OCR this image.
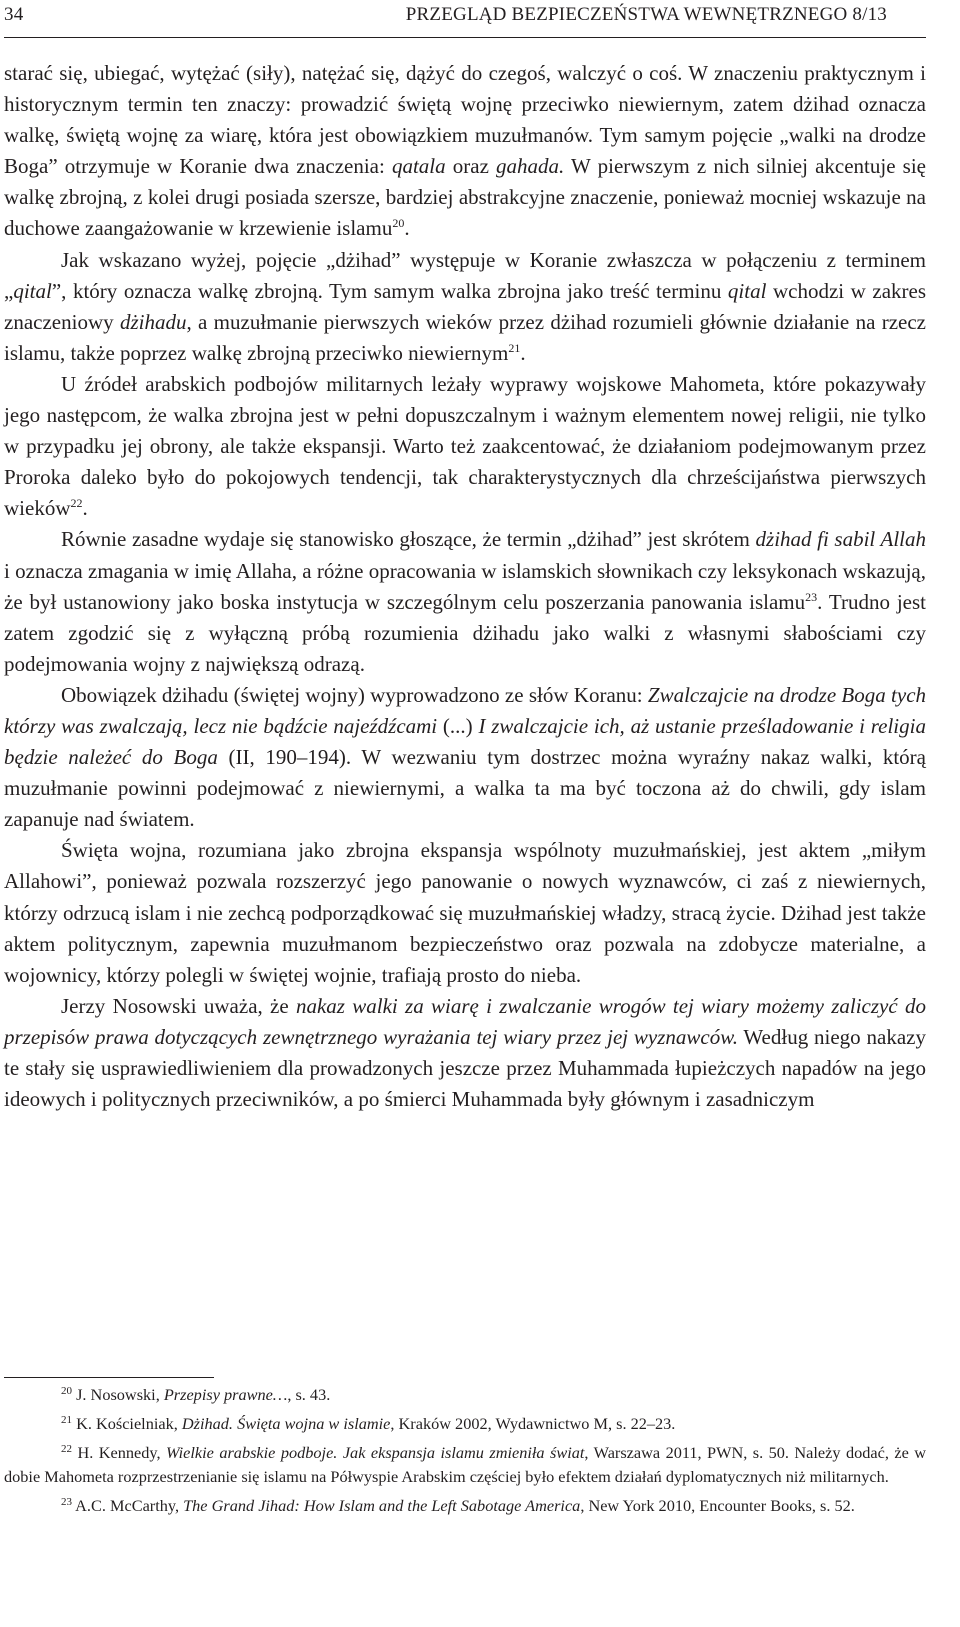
34	PRZEGLĄD BEZPIECZEŃSTWA WEWNĘTRZNEGO 8/13

starać się, ubiegać, wytężać (siły), natężać się, dążyć do czegoś, walczyć o coś. W znaczeniu praktycznym i historycznym termin ten znaczy: prowadzić świętą wojnę przeciwko niewiernym, zatem dżihad oznacza walkę, świętą wojnę za wiarę, która jest obowiązkiem muzułmanów. Tym samym pojęcie „walki na drodze Boga” otrzymuje w Koranie dwa znaczenia: qatala oraz gahada. W pierwszym z nich silniej akcentuje się walkę zbrojną, z kolei drugi posiada szersze, bardziej abstrakcyjne znaczenie, ponieważ mocniej wskazuje na duchowe zaangażowanie w krzewienie islamu$^{20}$.

Jak wskazano wyżej, pojęcie „dżihad” występuje w Koranie zwłaszcza w połączeniu z terminem „qital”, który oznacza walkę zbrojną. Tym samym walka zbrojna jako treść terminu qital wchodzi w zakres znaczeniowy dżihadu, a muzułmanie pierwszych wieków przez dżihad rozumieli głównie działanie na rzecz islamu, także poprzez walkę zbrojną przeciwko niewiernym$^{21}$.

U źródeł arabskich podbojów militarnych leżały wyprawy wojskowe Mahometa, które pokazywały jego następcom, że walka zbrojna jest w pełni dopuszczalnym i ważnym elementem nowej religii, nie tylko w przypadku jej obrony, ale także ekspansji. Warto też zaakcentować, że działaniom podejmowanym przez Proroka daleko było do pokojowych tendencji, tak charakterystycznych dla chrześcijaństwa pierwszych wieków$^{22}$.

Równie zasadne wydaje się stanowisko głoszące, że termin „dżihad” jest skrótem dżihad fi sabil Allah i oznacza zmagania w imię Allaha, a różne opracowania w islamskich słownikach czy leksykonach wskazują, że był ustanowiony jako boska instytucja w szczególnym celu poszerzania panowania islamu$^{23}$. Trudno jest zatem zgodzić się z wyłączną próbą rozumienia dżihadu jako walki z własnymi słabościami czy podejmowania wojny z największą odrazą.

Obowiązek dżihadu (świętej wojny) wyprowadzono ze słów Koranu: Zwalczajcie na drodze Boga tych którzy was zwalczają, lecz nie bądźcie najeźdźcami (...) I zwalczajcie ich, aż ustanie prześladowanie i religia będzie należeć do Boga (II, 190–194). W wezwaniu tym dostrzec można wyraźny nakaz walki, którą muzułmanie powinni podejmować z niewiernymi, a walka ta ma być toczona aż do chwili, gdy islam zapanuje nad światem.

Święta wojna, rozumiana jako zbrojna ekspansja wspólnoty muzułmańskiej, jest aktem „miłym Allahowi”, ponieważ pozwala rozszerzyć jego panowanie o nowych wyznawców, ci zaś z niewiernych, którzy odrzucą islam i nie zechcą podporządkować się muzułmańskiej władzy, stracą życie. Dżihad jest także aktem politycznym, zapewnia muzułmanom bezpieczeństwo oraz pozwala na zdobycze materialne, a wojownicy, którzy polegli w świętej wojnie, trafiają prosto do nieba.

Jerzy Nosowski uważa, że nakaz walki za wiarę i zwalczanie wrogów tej wiary możemy zaliczyć do przepisów prawa dotyczących zewnętrznego wyrażania tej wiary przez jej wyznawców. Według niego nakazy te stały się usprawiedliwieniem dla prowadzonych jeszcze przez Muhammada łupieżczych napadów na jego ideowych i politycznych przeciwników, a po śmierci Muhammada były głównym i zasadniczym

$^{20}$ J. Nosowski, Przepisy prawne…, s. 43.

$^{21}$ K. Kościelniak, Dżihad. Święta wojna w islamie, Kraków 2002, Wydawnictwo M, s. 22–23.

$^{22}$ H. Kennedy, Wielkie arabskie podboje. Jak ekspansja islamu zmieniła świat, Warszawa 2011, PWN, s. 50. Należy dodać, że w dobie Mahometa rozprzestrzenianie się islamu na Półwyspie Arabskim częściej było efektem działań dyplomatycznych niż militarnych.

$^{23}$ A.C. McCarthy, The Grand Jihad: How Islam and the Left Sabotage America, New York 2010, Encounter Books, s. 52.
